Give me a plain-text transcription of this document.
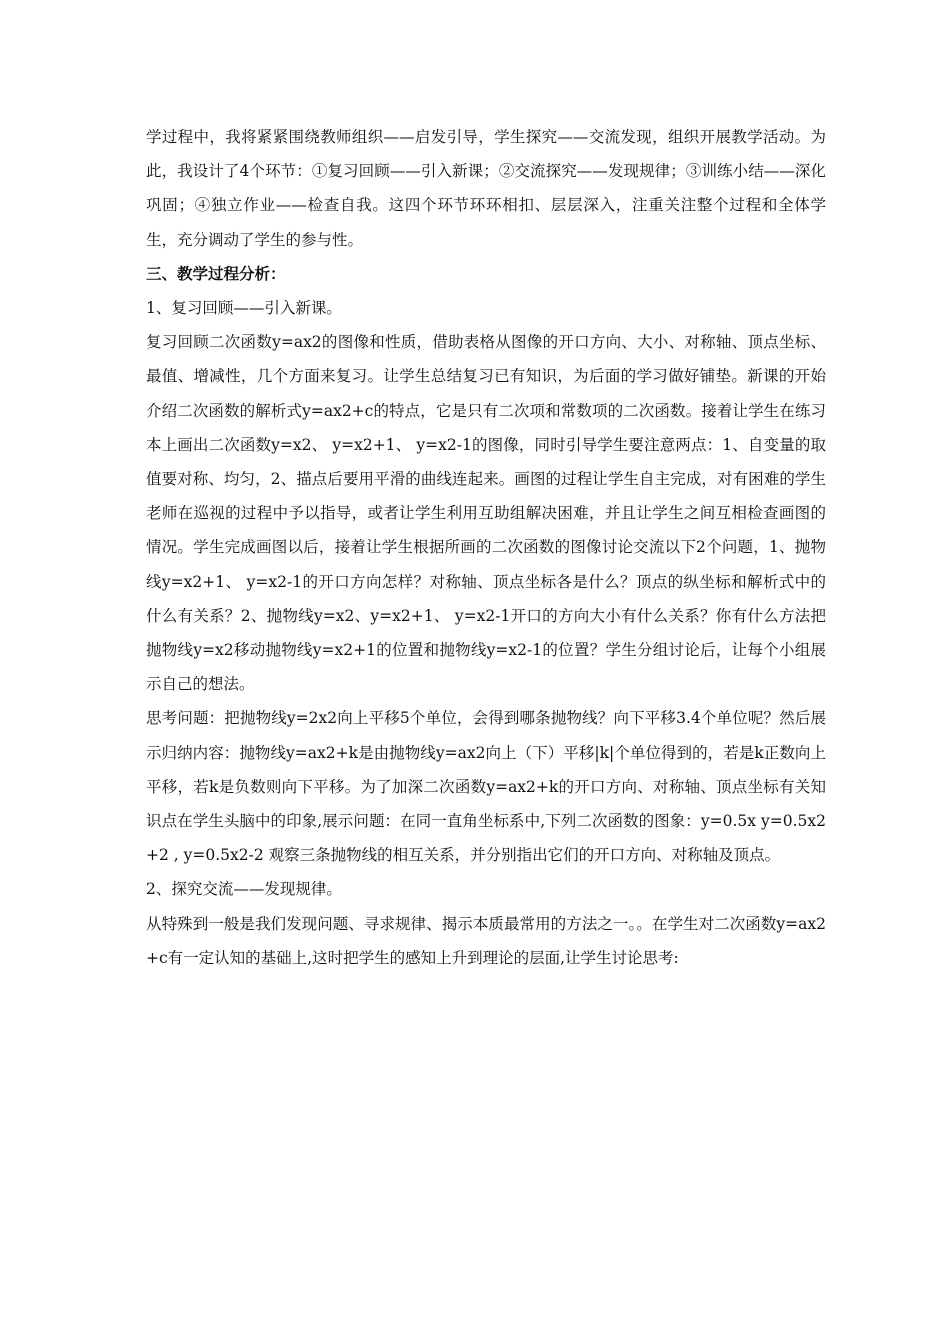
学过程中，我将紧紧围绕教师组织——启发引导，学生探究——交流发现，组织开展教学活动。为此，我设计了4个环节：①复习回顾——引入新课；②交流探究——发现规律；③训练小结——深化巩固；④独立作业——检查自我。这四个环节环环相扣、层层深入，注重关注整个过程和全体学生，充分调动了学生的参与性。

三、教学过程分析：

1、复习回顾——引入新课。

复习回顾二次函数y=ax2的图像和性质，借助表格从图像的开口方向、大小、对称轴、顶点坐标、最值、增减性，几个方面来复习。让学生总结复习已有知识，为后面的学习做好铺垫。新课的开始介绍二次函数的解析式y=ax2+c的特点，它是只有二次项和常数项的二次函数。接着让学生在练习本上画出二次函数y=x2、 y=x2+1、 y=x2-1的图像，同时引导学生要注意两点：1、自变量的取值要对称、均匀，2、描点后要用平滑的曲线连起来。画图的过程让学生自主完成，对有困难的学生老师在巡视的过程中予以指导，或者让学生利用互助组解决困难，并且让学生之间互相检查画图的情况。学生完成画图以后，接着让学生根据所画的二次函数的图像讨论交流以下2个问题，1、抛物线y=x2+1、 y=x2-1的开口方向怎样？对称轴、顶点坐标各是什么？顶点的纵坐标和解析式中的什么有关系？2、抛物线y=x2、y=x2+1、 y=x2-1开口的方向大小有什么关系？你有什么方法把抛物线y=x2移动抛物线y=x2+1的位置和抛物线y=x2-1的位置？学生分组讨论后，让每个小组展示自己的想法。

思考问题：把抛物线y=2x2向上平移5个单位，会得到哪条抛物线？向下平移3.4个单位呢？然后展示归纳内容：抛物线y=ax2+k是由抛物线y=ax2向上（下）平移|k|个单位得到的，若是k正数向上平移，若k是负数则向下平移。为了加深二次函数y=ax2+k的开口方向、对称轴、顶点坐标有关知识点在学生头脑中的印象,展示问题：在同一直角坐标系中,下列二次函数的图象：y=0.5x y=0.5x2+2 , y=0.5x2-2 观察三条抛物线的相互关系，并分别指出它们的开口方向、对称轴及顶点。

2、探究交流——发现规律。

从特殊到一般是我们发现问题、寻求规律、揭示本质最常用的方法之一。。在学生对二次函数y=ax2+c有一定认知的基础上,这时把学生的感知上升到理论的层面,让学生讨论思考:
